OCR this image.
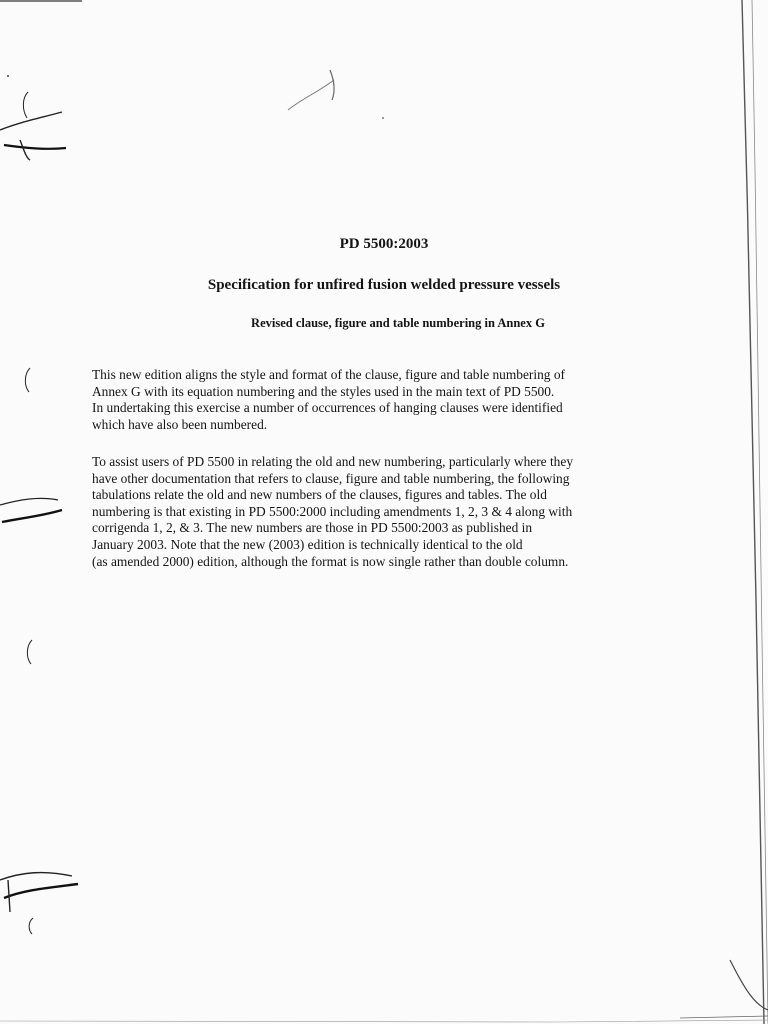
PD 5500:2003
Specification for unfired fusion welded pressure vessels
Revised clause, figure and table numbering in Annex G

This new edition aligns the style and format of the clause, figure and table numbering of
Annex G with its equation numbering and the styles used in the main text of PD 5500.
In undertaking this exercise a number of occurrences of hanging clauses were identified
which have also been numbered.

To assist users of PD 5500 in relating the old and new numbering, particularly where they
have other documentation that refers to clause, figure and table numbering, the following
tabulations relate the old and new numbers of the clauses, figures and tables. The old
numbering is that existing in PD 5500:2000 including amendments 1, 2, 3 & 4 along with
corrigenda 1, 2, & 3. The new numbers are those in PD 5500:2003 as published in
January 2003. Note that the new (2003) edition is technically identical to the old
(as amended 2000) edition, although the format is now single rather than double column.
